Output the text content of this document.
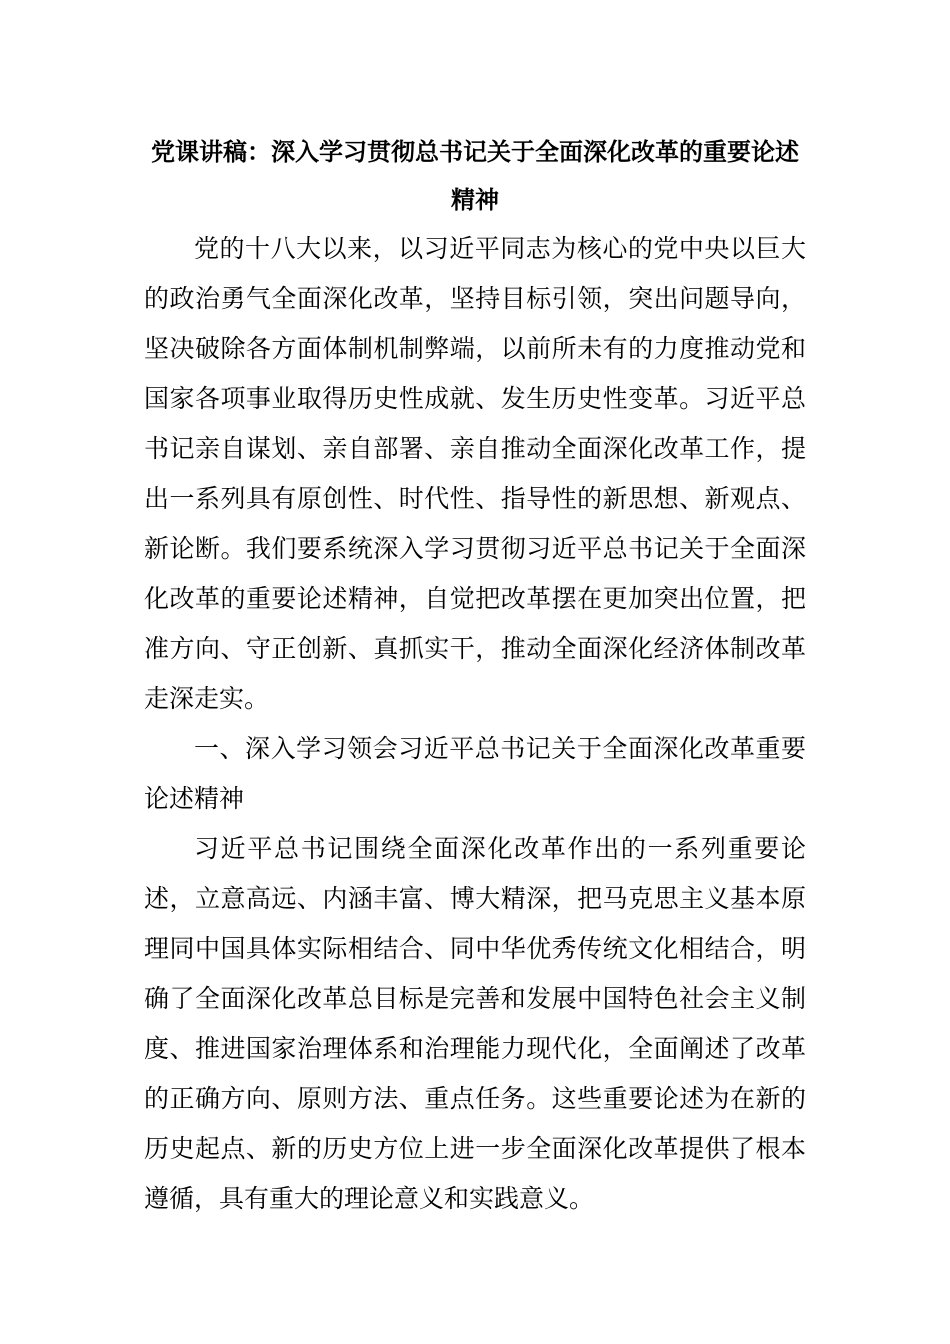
党课讲稿：深入学习贯彻总书记关于全面深化改革的重要论述精神

党的十八大以来，以习近平同志为核心的党中央以巨大的政治勇气全面深化改革，坚持目标引领，突出问题导向，坚决破除各方面体制机制弊端，以前所未有的力度推动党和国家各项事业取得历史性成就、发生历史性变革。习近平总书记亲自谋划、亲自部署、亲自推动全面深化改革工作，提出一系列具有原创性、时代性、指导性的新思想、新观点、新论断。我们要系统深入学习贯彻习近平总书记关于全面深化改革的重要论述精神，自觉把改革摆在更加突出位置，把准方向、守正创新、真抓实干，推动全面深化经济体制改革走深走实。

一、深入学习领会习近平总书记关于全面深化改革重要论述精神

习近平总书记围绕全面深化改革作出的一系列重要论述，立意高远、内涵丰富、博大精深，把马克思主义基本原理同中国具体实际相结合、同中华优秀传统文化相结合，明确了全面深化改革总目标是完善和发展中国特色社会主义制度、推进国家治理体系和治理能力现代化，全面阐述了改革的正确方向、原则方法、重点任务。这些重要论述为在新的历史起点、新的历史方位上进一步全面深化改革提供了根本遵循，具有重大的理论意义和实践意义。
